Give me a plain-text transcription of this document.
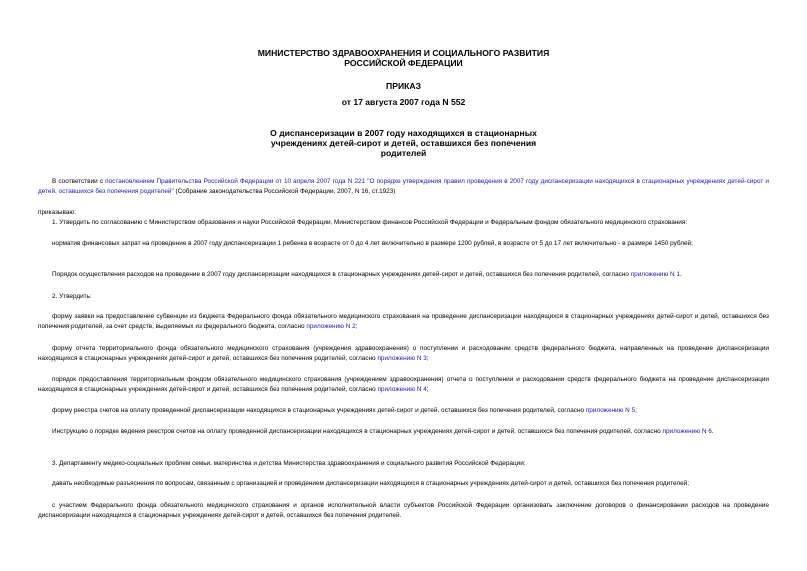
МИНИСТЕРСТВО ЗДРАВООХРАНЕНИЯ И СОЦИАЛЬНОГО РАЗВИТИЯ
РОССИЙСКОЙ ФЕДЕРАЦИИ
ПРИКАЗ
от 17 августа 2007 года N 552
О диспансеризации в 2007 году находящихся в стационарных
учреждениях детей-сирот и детей, оставшихся без попечения
родителей

В соответствии с постановлением Правительства Российской Федерации от 10 апреля 2007 года N 221 "О порядке утверждения правил проведения в 2007 году диспансеризации находящихся в стационарных учреждениях детей-сирот и детей, оставшихся без попечения родителей" (Собрание законодательства Российской Федерации, 2007, N 16, ст.1923)

приказываю:

1. Утвердить по согласованию с Министерством образования и науки Российской Федерации, Министерством финансов Российской Федерации и Федеральным фондом обязательного медицинского страхования:

норматив финансовых затрат на проведение в 2007 году диспансеризации 1 ребенка в возрасте от 0 до 4 лет включительно в размере 1200 рублей, в возрасте от 5 до 17 лет включительно - в размере 1450 рублей;

Порядок осуществления расходов на проведение в 2007 году диспансеризации находящихся в стационарных учреждениях детей-сирот и детей, оставшихся без попечения родителей, согласно приложению N 1.

2. Утвердить:

форму заявки на предоставление субвенции из бюджета Федерального фонда обязательного медицинского страхования на проведение диспансеризации находящихся в стационарных учреждениях детей-сирот и детей, оставшихся без попечения родителей, за счет средств, выделяемых из федерального бюджета, согласно приложению N 2;

форму отчета территориального фонда обязательного медицинского страхования (учреждения здравоохранения) о поступлении и расходовании средств федерального бюджета, направленных на проведение диспансеризации находящихся в стационарных учреждениях детей-сирот и детей, оставшихся без попечения родителей, согласно приложению N 3;

порядок предоставления территориальным фондом обязательного медицинского страхования (учреждением здравоохранения) отчета о поступлении и расходовании средств федерального бюджета на проведение диспансеризации находящихся в стационарных учреждениях детей-сирот и детей, оставшихся без попечения родителей, согласно приложению N 4;

форму реестра счетов на оплату проведенной диспансеризации находящихся в стационарных учреждениях детей-сирот и детей, оставшихся без попечения родителей, согласно приложению N 5;

Инструкцию о порядке ведения реестров счетов на оплату проведенной диспансеризации находящихся в стационарных учреждениях детей-сирот и детей, оставшихся без попечения родителей, согласно приложению N 6.

3. Департаменту медико-социальных проблем семьи, материнства и детства Министерства здравоохранения и социального развития Российской Федерации:

давать необходимые разъяснения по вопросам, связанным с организацией и проведением диспансеризации находящихся в стационарных учреждениях детей-сирот и детей, оставшихся без попечения родителей;

с участием Федерального фонда обязательного медицинского страхования и органов исполнительной власти субъектов Российской Федерации организовать заключение договоров о финансировании расходов на проведение диспансеризации находящихся в стационарных учреждениях детей-сирот и детей, оставшихся без попечения родителей.
